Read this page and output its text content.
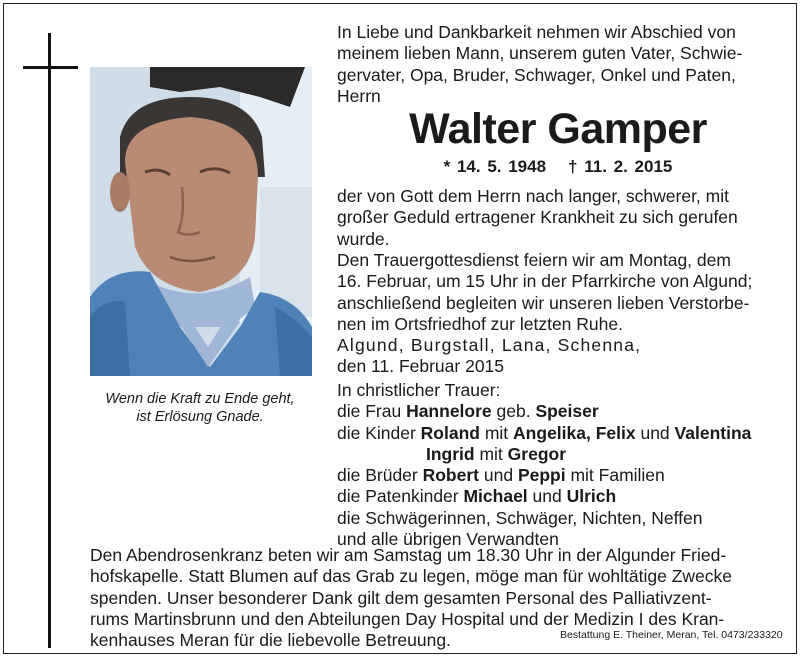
Wenn die Kraft zu Ende geht,
ist Erlösung Gnade.
In Liebe und Dankbarkeit nehmen wir Abschied von
meinem lieben Mann, unserem guten Vater, Schwie-
gervater, Opa, Bruder, Schwager, Onkel und Paten,
Herrn
Walter Gamper
* 14. 5. 1948 † 11. 2. 2015
der von Gott dem Herrn nach langer, schwerer, mit
großer Geduld ertragener Krankheit zu sich gerufen
wurde.
Den Trauergottesdienst feiern wir am Montag, dem
16. Februar, um 15 Uhr in der Pfarrkirche von Algund;
anschließend begleiten wir unseren lieben Verstorbe-
nen im Ortsfriedhof zur letzten Ruhe.
Algund, Burgstall, Lana, Schenna,
den 11. Februar 2015
In christlicher Trauer:
die Frau Hannelore geb. Speiser
die Kinder Roland mit Angelika, Felix und Valentina
Ingrid mit Gregor
die Brüder Robert und Peppi mit Familien
die Patenkinder Michael und Ulrich
die Schwägerinnen, Schwäger, Nichten, Neffen
und alle übrigen Verwandten
Den Abendrosenkranz beten wir am Samstag um 18.30 Uhr in der Algunder Fried-
hofskapelle. Statt Blumen auf das Grab zu legen, möge man für wohltätige Zwecke
spenden. Unser besonderer Dank gilt dem gesamten Personal des Palliativzent-
rums Martinsbrunn und den Abteilungen Day Hospital und der Medizin I des Kran-
kenhauses Meran für die liebevolle Betreuung.	Bestattung E. Theiner, Meran, Tel. 0473/233320
